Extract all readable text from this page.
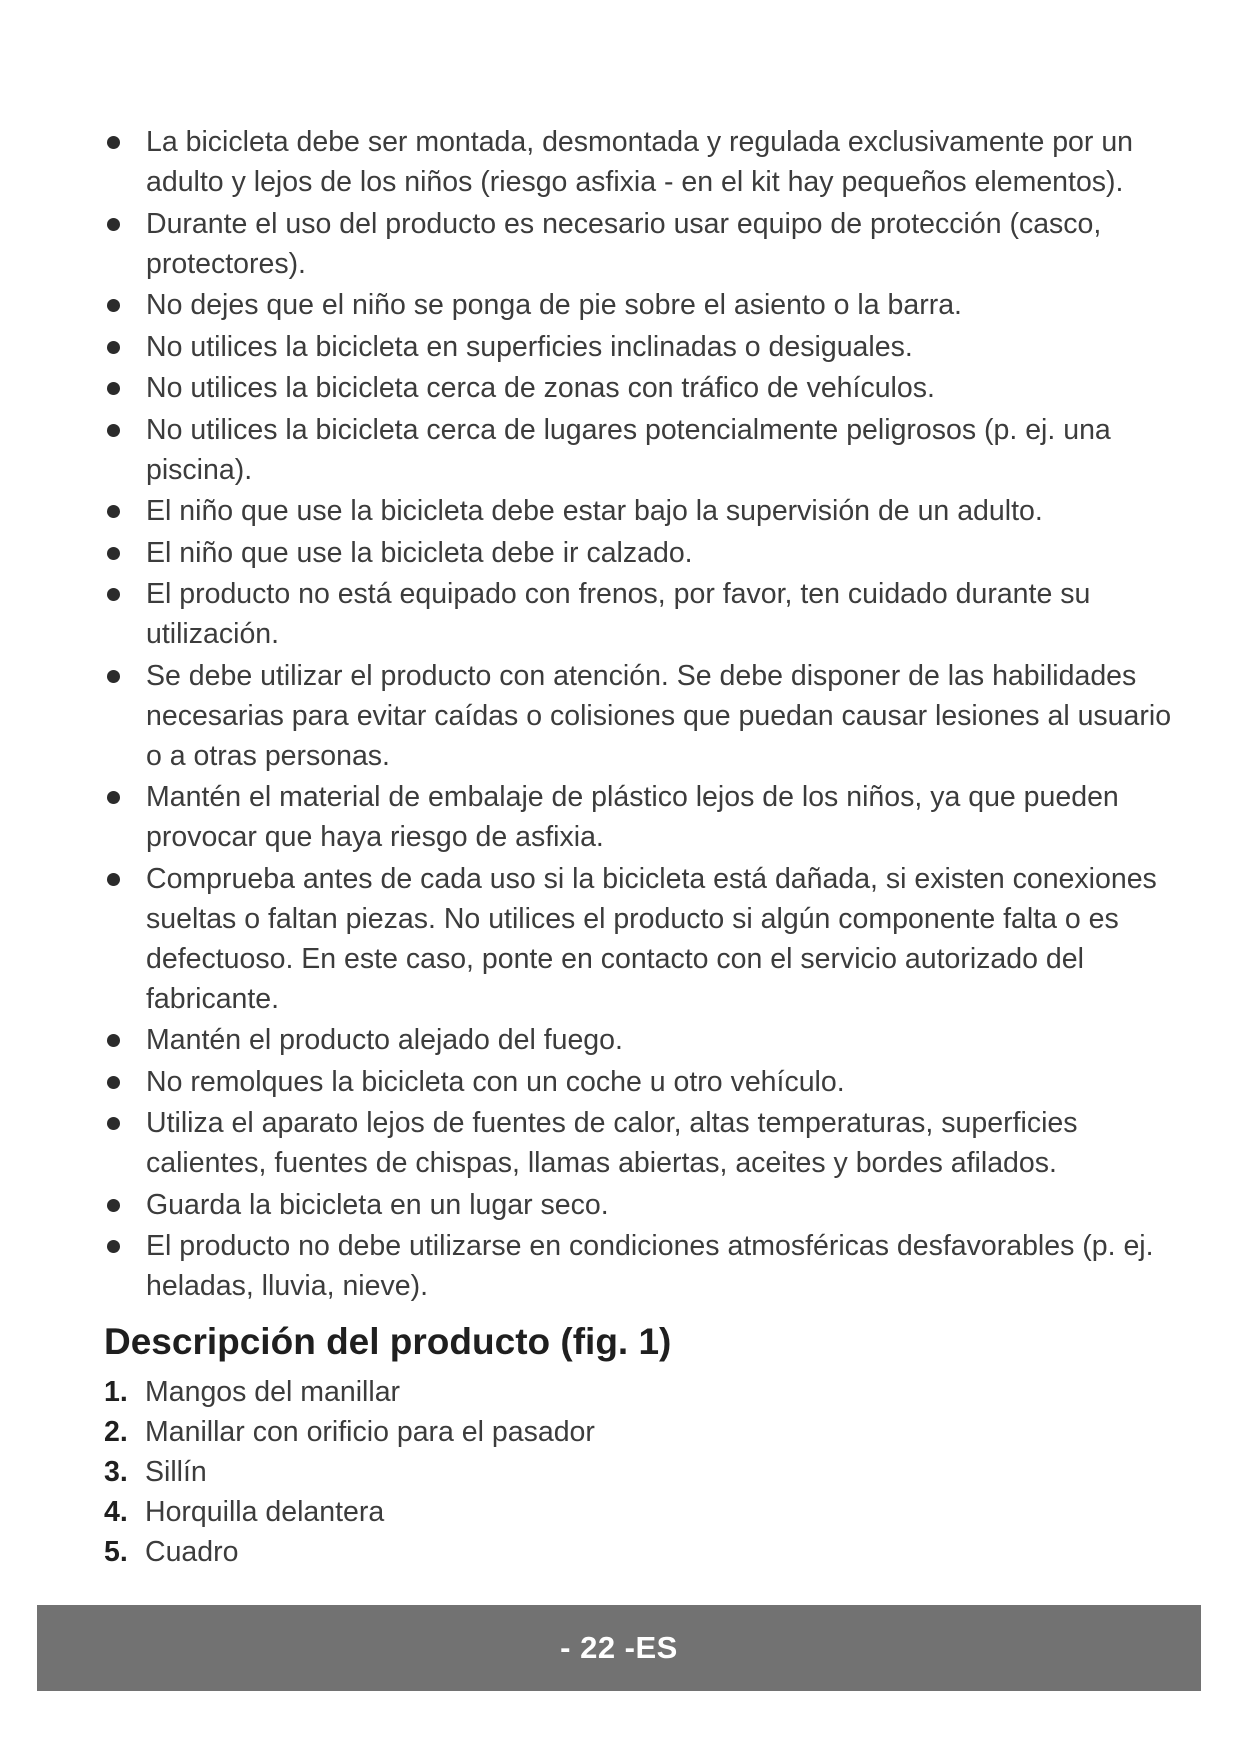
La bicicleta debe ser montada, desmontada y regulada exclusivamente por un adulto y lejos de los niños (riesgo asfixia - en el kit hay pequeños elementos).
Durante el uso del producto es necesario usar equipo de protección (casco, protectores).
No dejes que el niño se ponga de pie sobre el asiento o la barra.
No utilices la bicicleta en superficies inclinadas o desiguales.
No utilices la bicicleta cerca de zonas con tráfico de vehículos.
No utilices la bicicleta cerca de lugares potencialmente peligrosos (p. ej. una piscina).
El niño que use la bicicleta debe estar bajo la supervisión de un adulto.
El niño que use la bicicleta debe ir calzado.
El producto no está equipado con frenos, por favor, ten cuidado durante su utilización.
Se debe utilizar el producto con atención. Se debe disponer de las habilidades necesarias para evitar caídas o colisiones que puedan causar lesiones al usuario o a otras personas.
Mantén el material de embalaje de plástico lejos de los niños, ya que pueden provocar que haya riesgo de asfixia.
Comprueba antes de cada uso si la bicicleta está dañada, si existen conexiones sueltas o faltan piezas. No utilices el producto si algún componente falta o es defectuoso. En este caso, ponte en contacto con el servicio autorizado del fabricante.
Mantén el producto alejado del fuego.
No remolques la bicicleta con un coche u otro vehículo.
Utiliza el aparato lejos de fuentes de calor, altas temperaturas, superficies calientes, fuentes de chispas, llamas abiertas, aceites y bordes afilados.
Guarda la bicicleta en un lugar seco.
El producto no debe utilizarse en condiciones atmosféricas desfavorables (p. ej. heladas, lluvia, nieve).
Descripción del producto (fig. 1)
1. Mangos del manillar
2. Manillar con orificio para el pasador
3. Sillín
4. Horquilla delantera
5. Cuadro
- 22 -ES
